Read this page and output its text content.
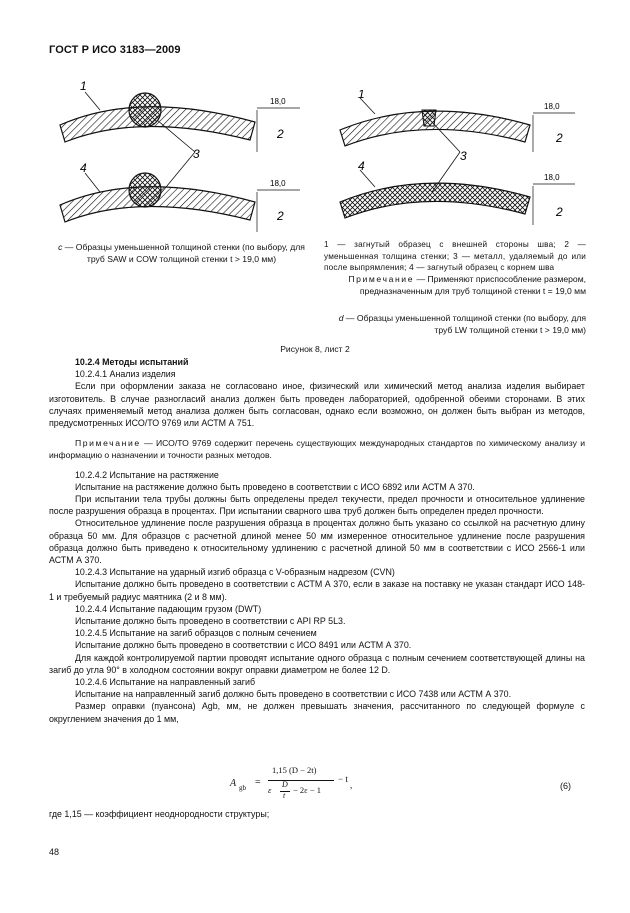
ГОСТ Р ИСО 3183—2009
1
4
3
18,0
18,0
2
2
1
4
3
18,0
18,0
2
2
c — Образцы уменьшенной толщиной стенки (по выбору, для труб SAW и COW толщиной стенки t > 19,0 мм)
1 — загнутый образец с внешней стороны шва; 2 — уменьшенная толщина стенки; 3 — металл, удаляемый до или после выпрямления; 4 — загнутый образец с корнем шва
Примечание — Применяют приспособление размером, предназначенным для труб толщиной стенки t = 19,0 мм
d — Образцы уменьшенной толщиной стенки (по выбору, для труб LW толщиной стенки t > 19,0 мм)
Рисунок 8, лист 2

10.2.4 Методы испытаний

10.2.4.1 Анализ изделия

Если при оформлении заказа не согласовано иное, физический или химический метод анализа изделия выбирает изготовитель. В случае разногласий анализ должен быть проведен лабораторией, одобренной обеими сторонами. В этих случаях применяемый метод анализа должен быть согласован, однако если возможно, он должен быть выбран из методов, предусмотренных ИСО/ТО 9769 или АСТМ А 751.

Примечание — ИСО/ТО 9769 содержит перечень существующих международных стандартов по химическому анализу и информацию о назначении и точности разных методов.

10.2.4.2 Испытание на растяжение

Испытание на растяжение должно быть проведено в соответствии с ИСО 6892 или АСТМ А 370.

При испытании тела трубы должны быть определены предел текучести, предел прочности и относительное удлинение после разрушения образца в процентах. При испытании сварного шва труб должен быть определен предел прочности.

Относительное удлинение после разрушения образца в процентах должно быть указано со ссылкой на расчетную длину образца 50 мм. Для образцов с расчетной длиной менее 50 мм измеренное относительное удлинение после разрушения образца должно быть приведено к относительному удлинению с расчетной длиной 50 мм в соответствии с ИСО 2566-1 или АСТМ А 370.

10.2.4.3 Испытание на ударный изгиб образца с V-образным надрезом (CVN)

Испытание должно быть проведено в соответствии с АСТМ А 370, если в заказе на поставку не указан стандарт ИСО 148-1 и требуемый радиус маятника (2 и 8 мм).

10.2.4.4 Испытание падающим грузом (DWT)

Испытание должно быть проведено в соответствии с API RP 5L3.

10.2.4.5 Испытание на загиб образцов с полным сечением

Испытание должно быть проведено в соответствии с ИСО 8491 или АСТМ А 370.

Для каждой контролируемой партии проводят испытание одного образца с полным сечением соответствующей длины на загиб до угла 90° в холодном состоянии вокруг оправки диаметром не более 12 D.

10.2.4.6 Испытание на направленный загиб

Испытание на направленный загиб должно быть проведено в соответствии с ИСО 7438 или АСТМ А 370.

Размер оправки (пуансона) Agb, мм, не должен превышать значения, рассчитанного по следующей формуле с округлением значения до 1 мм,

A gb =
1,15 (D − 2t)
ε
D
t
− 2ε − 1
− t
,	(6)
где 1,15 — коэффициент неоднородности структуры;
48
